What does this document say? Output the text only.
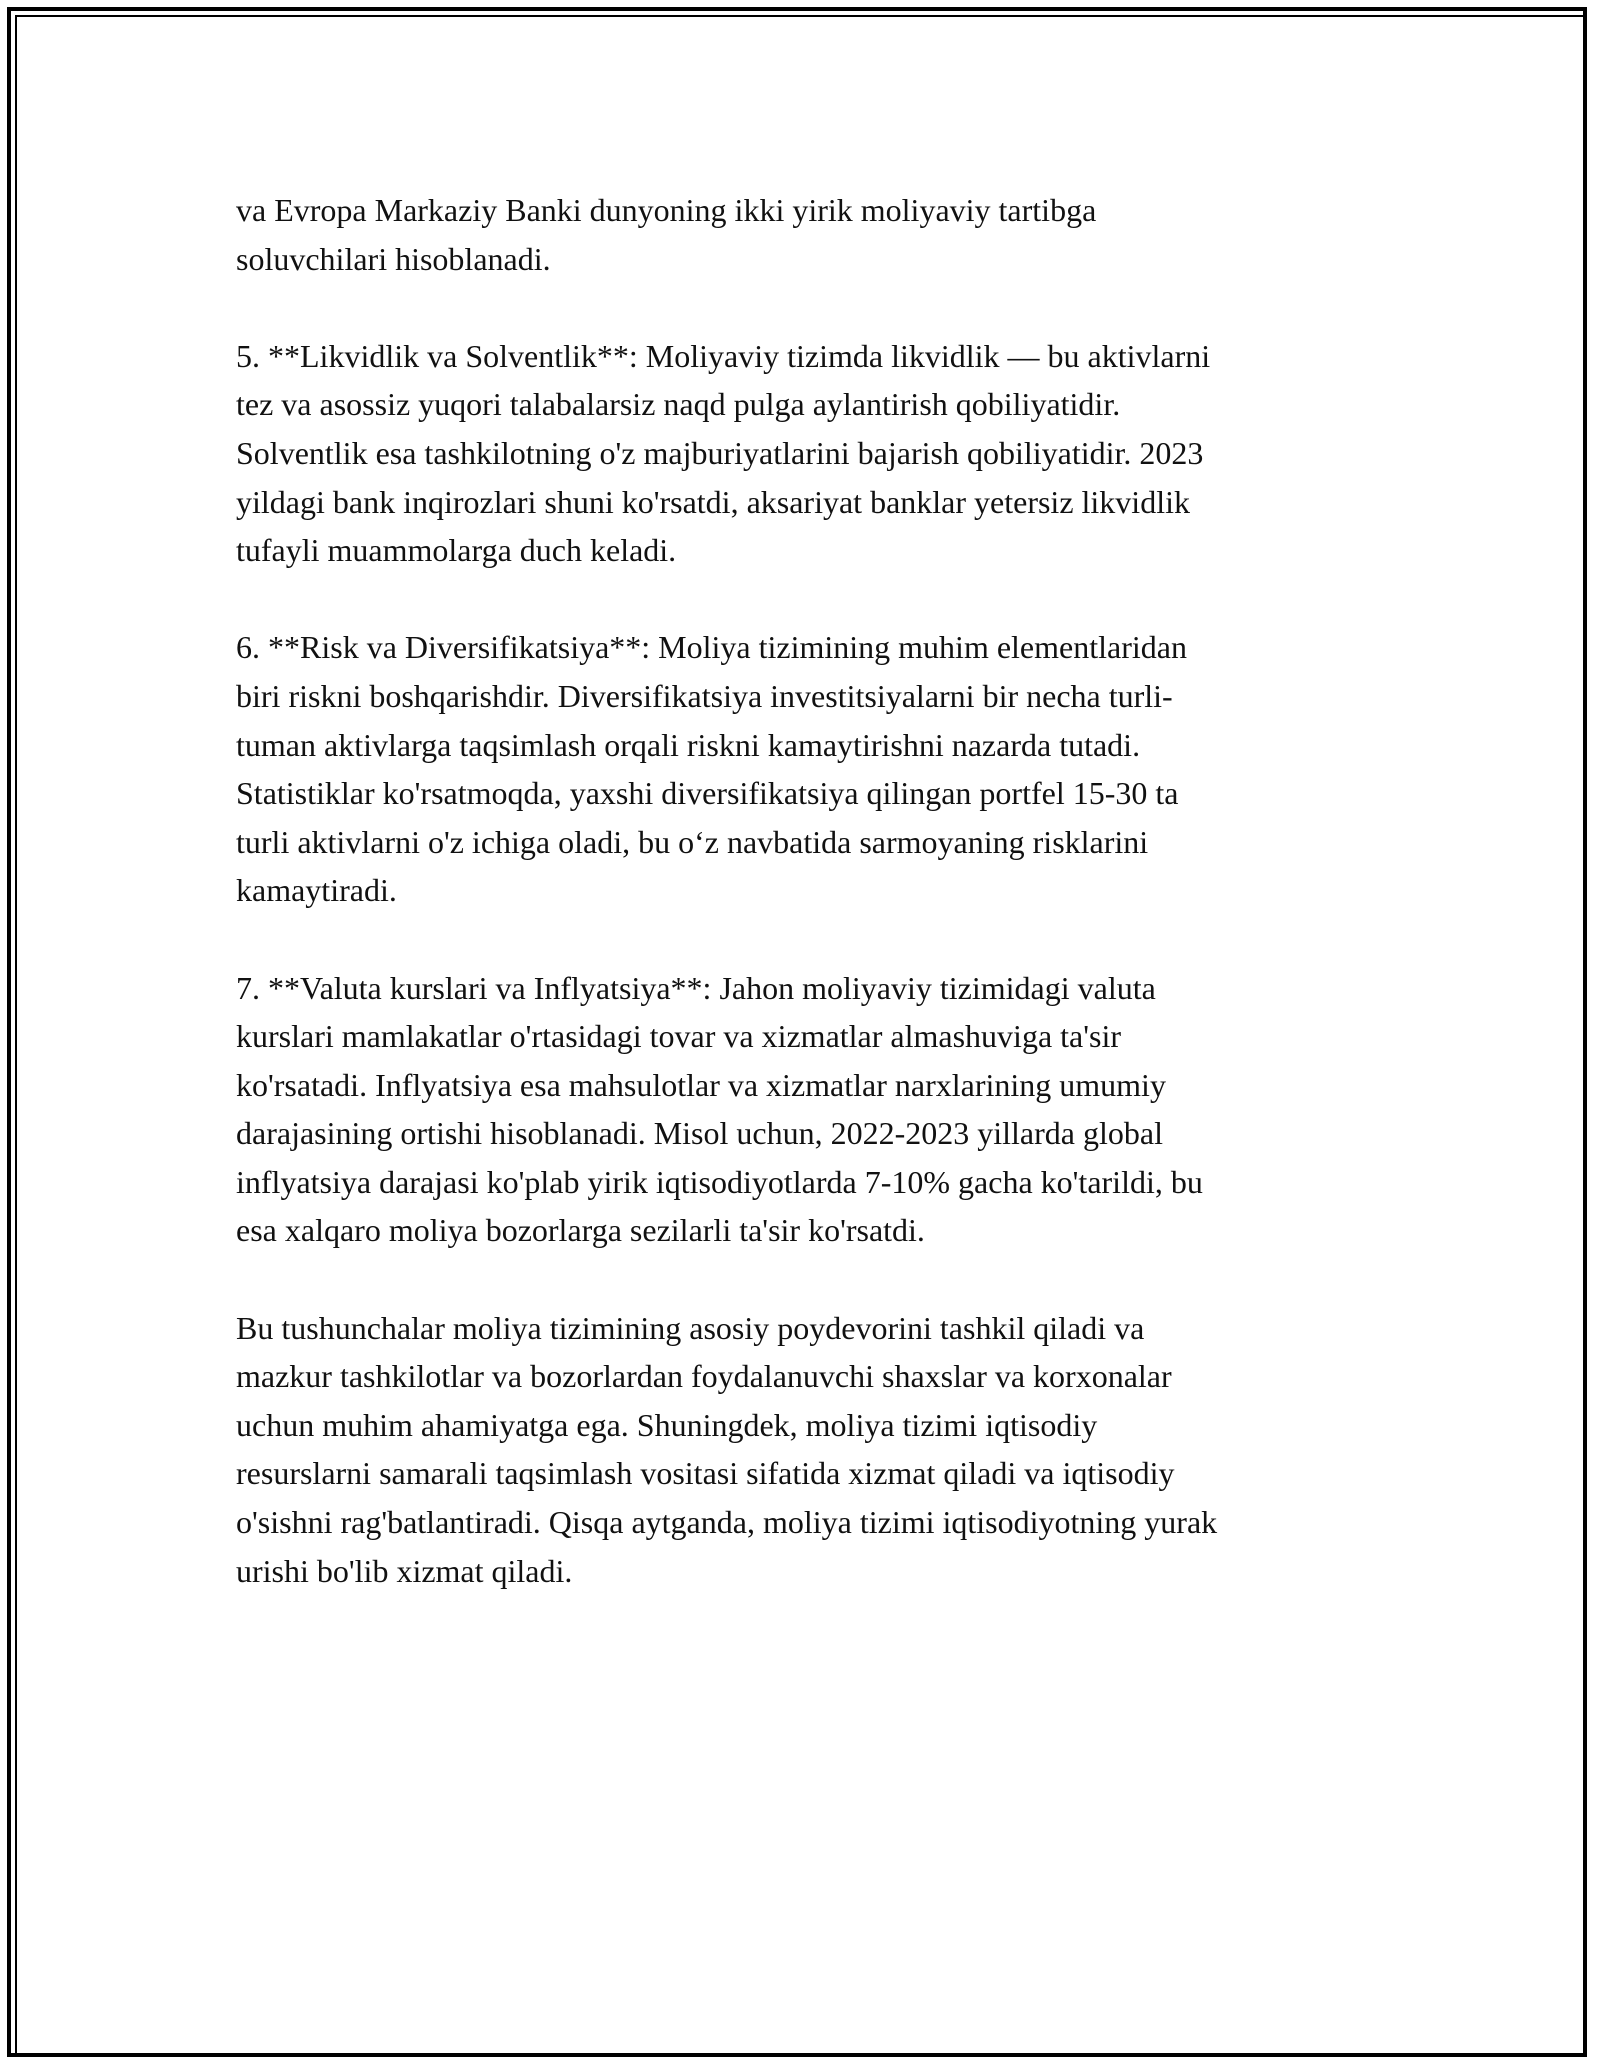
va Evropa Markaziy Banki dunyoning ikki yirik moliyaviy tartibga
soluvchilari hisoblanadi.

5. **Likvidlik va Solventlik**: Moliyaviy tizimda likvidlik — bu aktivlarni
tez va asossiz yuqori talabalarsiz naqd pulga aylantirish qobiliyatidir.
Solventlik esa tashkilotning o'z majburiyatlarini bajarish qobiliyatidir. 2023
yildagi bank inqirozlari shuni ko'rsatdi, aksariyat banklar yetersiz likvidlik
tufayli muammolarga duch keladi.

6. **Risk va Diversifikatsiya**: Moliya tizimining muhim elementlaridan
biri riskni boshqarishdir. Diversifikatsiya investitsiyalarni bir necha turli-
tuman aktivlarga taqsimlash orqali riskni kamaytirishni nazarda tutadi.
Statistiklar ko'rsatmoqda, yaxshi diversifikatsiya qilingan portfel 15-30 ta
turli aktivlarni o'z ichiga oladi, bu o‘z navbatida sarmoyaning risklarini
kamaytiradi.

7. **Valuta kurslari va Inflyatsiya**: Jahon moliyaviy tizimidagi valuta
kurslari mamlakatlar o'rtasidagi tovar va xizmatlar almashuviga ta'sir
ko'rsatadi. Inflyatsiya esa mahsulotlar va xizmatlar narxlarining umumiy
darajasining ortishi hisoblanadi. Misol uchun, 2022-2023 yillarda global
inflyatsiya darajasi ko'plab yirik iqtisodiyotlarda 7-10% gacha ko'tarildi, bu
esa xalqaro moliya bozorlarga sezilarli ta'sir ko'rsatdi.

Bu tushunchalar moliya tizimining asosiy poydevorini tashkil qiladi va
mazkur tashkilotlar va bozorlardan foydalanuvchi shaxslar va korxonalar
uchun muhim ahamiyatga ega. Shuningdek, moliya tizimi iqtisodiy
resurslarni samarali taqsimlash vositasi sifatida xizmat qiladi va iqtisodiy
o'sishni rag'batlantiradi. Qisqa aytganda, moliya tizimi iqtisodiyotning yurak
urishi bo'lib xizmat qiladi.
